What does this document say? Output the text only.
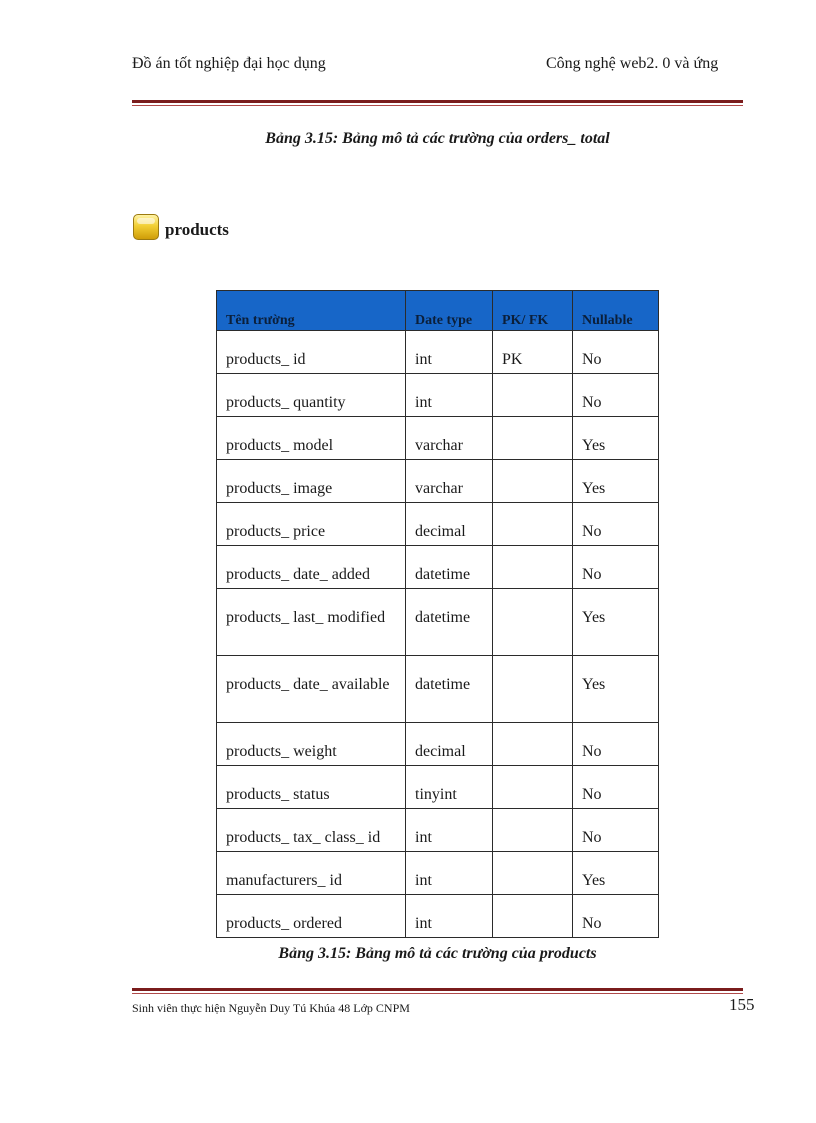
Đồ án tốt nghiệp đại học dụng	Công nghệ web2. 0 và ứng
Bảng 3.15: Bảng mô tả các trường của orders_ total
products
Tên trường	Date type	PK/ FK	Nullable
products_ id	int	PK	No
products_ quantity	int		No
products_ model	varchar		Yes
products_ image	varchar		Yes
products_ price	decimal		No
products_ date_ added	datetime		No
products_ last_ modified	datetime		Yes
products_ date_ available	datetime		Yes
products_ weight	decimal		No
products_ status	tinyint		No
products_ tax_ class_ id	int		No
manufacturers_ id	int		Yes
products_ ordered	int		No
Bảng 3.15: Bảng mô tả các trường của products
Sinh viên thực hiện Nguyễn Duy Tú Khúa 48 Lớp CNPM	155
